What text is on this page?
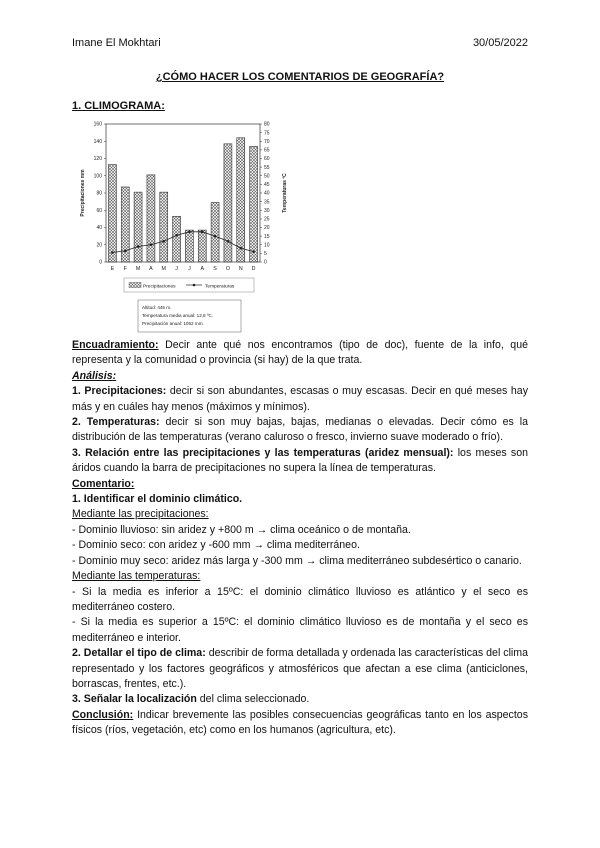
Imane El Mokhtari	30/05/2022
¿CÓMO HACER LOS COMENTARIOS DE GEOGRAFÍA?
1. CLIMOGRAMA:
0
20
40
60
80
100
120
140
160
0
5
10
15
20
25
30
35
40
45
50
55
60
65
70
75
80
Precipitaciones mm	Temperaturas ºC
E F M A M J J A S O N D
Precipitaciones	Temperaturas
Altitud: 445 m.
Temperatura media anual: 12,8 ºC.
Precipitación anual: 1052 mm.

Encuadramiento: Decir ante qué nos encontramos (tipo de doc), fuente de la info, qué representa y la comunidad o provincia (si hay) de la que trata.

Análisis:

1. Precipitaciones: decir si son abundantes, escasas o muy escasas. Decir en qué meses hay más y en cuáles hay menos (máximos y mínimos).

2. Temperaturas: decir si son muy bajas, bajas, medianas o elevadas. Decir cómo es la distribución de las temperaturas (verano caluroso o fresco, invierno suave moderado o frío).

3. Relación entre las precipitaciones y las temperaturas (aridez mensual): los meses son áridos cuando la barra de precipitaciones no supera la línea de temperaturas.

Comentario:

1. Identificar el dominio climático.

Mediante las precipitaciones:

- Dominio lluvioso: sin aridez y +800 m → clima oceánico o de montaña.

- Dominio seco: con aridez y -600 mm → clima mediterráneo.

- Dominio muy seco: aridez más larga y -300 mm → clima mediterráneo subdesértico o canario.

Mediante las temperaturas:

- Si la media es inferior a 15ºC: el dominio climático lluvioso es atlántico y el seco es mediterráneo costero.

- Si la media es superior a 15ºC: el dominio climático lluvioso es de montaña y el seco es mediterráneo e interior.

2. Detallar el tipo de clima: describir de forma detallada y ordenada las características del clima representado y los factores geográficos y atmosféricos que afectan a ese clima (anticiclones, borrascas, frentes, etc.).

3. Señalar la localización del clima seleccionado.

Conclusión: Indicar brevemente las posibles consecuencias geográficas tanto en los aspectos físicos (ríos, vegetación, etc) como en los humanos (agricultura, etc).
